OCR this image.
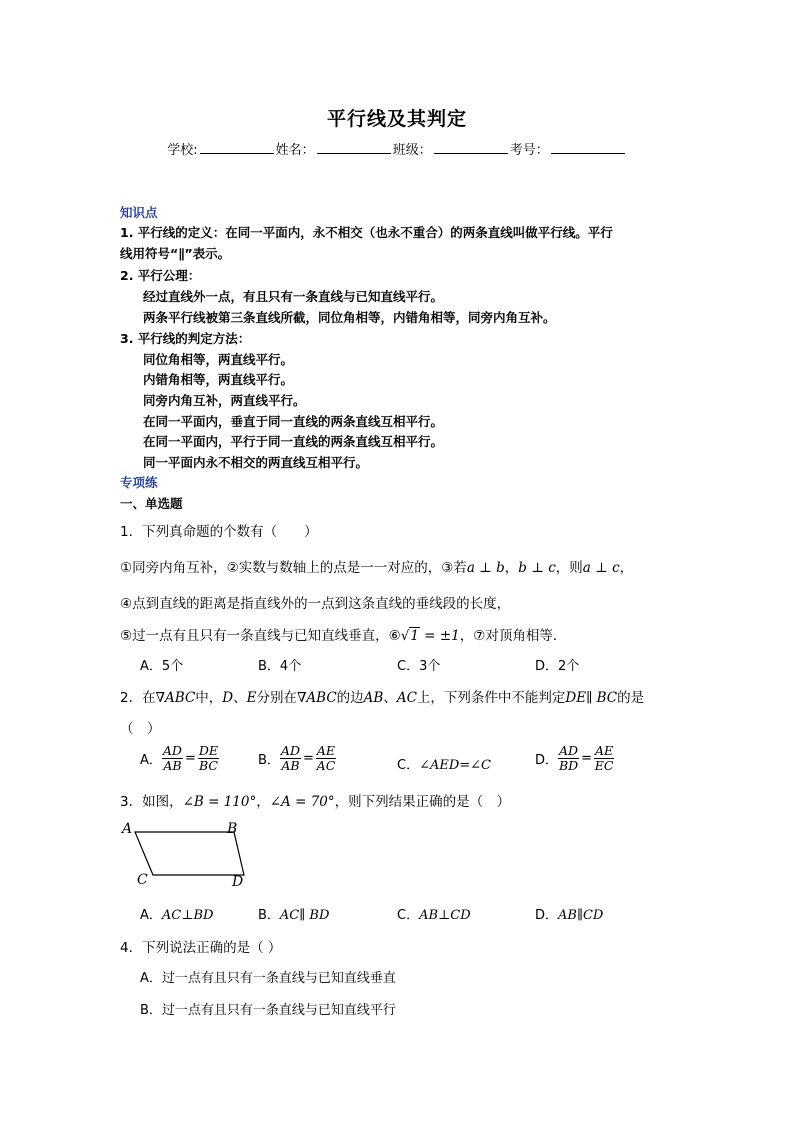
平行线及其判定
学校:	姓名：	班级：	考号：
知识点
1. 平行线的定义：在同一平面内，永不相交（也永不重合）的两条直线叫做平行线。平行
线用符号“∥”表示。
2. 平行公理：
经过直线外一点，有且只有一条直线与已知直线平行。
两条平行线被第三条直线所截，同位角相等，内错角相等，同旁内角互补。
3. 平行线的判定方法：
同位角相等，两直线平行。
内错角相等，两直线平行。
同旁内角互补，两直线平行。
在同一平面内，垂直于同一直线的两条直线互相平行。
在同一平面内，平行于同一直线的两条直线互相平行。
同一平面内永不相交的两直线互相平行。
专项练
一、单选题
1．下列真命题的个数有（　　）
①同旁内角互补，②实数与数轴上的点是一一对应的，③若a ⊥ b，b ⊥ c，则a ⊥ c，
④点到直线的距离是指直线外的一点到这条直线的垂线段的长度，
⑤过一点有且只有一条直线与已知直线垂直，⑥√1 = ±1，⑦对顶角相等．
A．5个	B．4个	C．3个	D．2个
2．在∇ABC中，D、E分别在∇ABC的边AB、AC上，下列条件中不能判定DE∥ BC的是
（　）
A． $\frac{AD}{AB} = \frac{DE}{BC}$	B． $\frac{AD}{AB} = \frac{AE}{AC}$	C．∠AED=∠C	D． $\frac{AD}{BD} = \frac{AE}{EC}$
3．如图，∠B = 110°，∠A = 70°，则下列结果正确的是（　）
A	B
C	D
A．AC⊥BD	B．AC∥ BD	C．AB⊥CD	D．AB∥CD
4．下列说法正确的是（ ）
A．过一点有且只有一条直线与已知直线垂直
B．过一点有且只有一条直线与已知直线平行
